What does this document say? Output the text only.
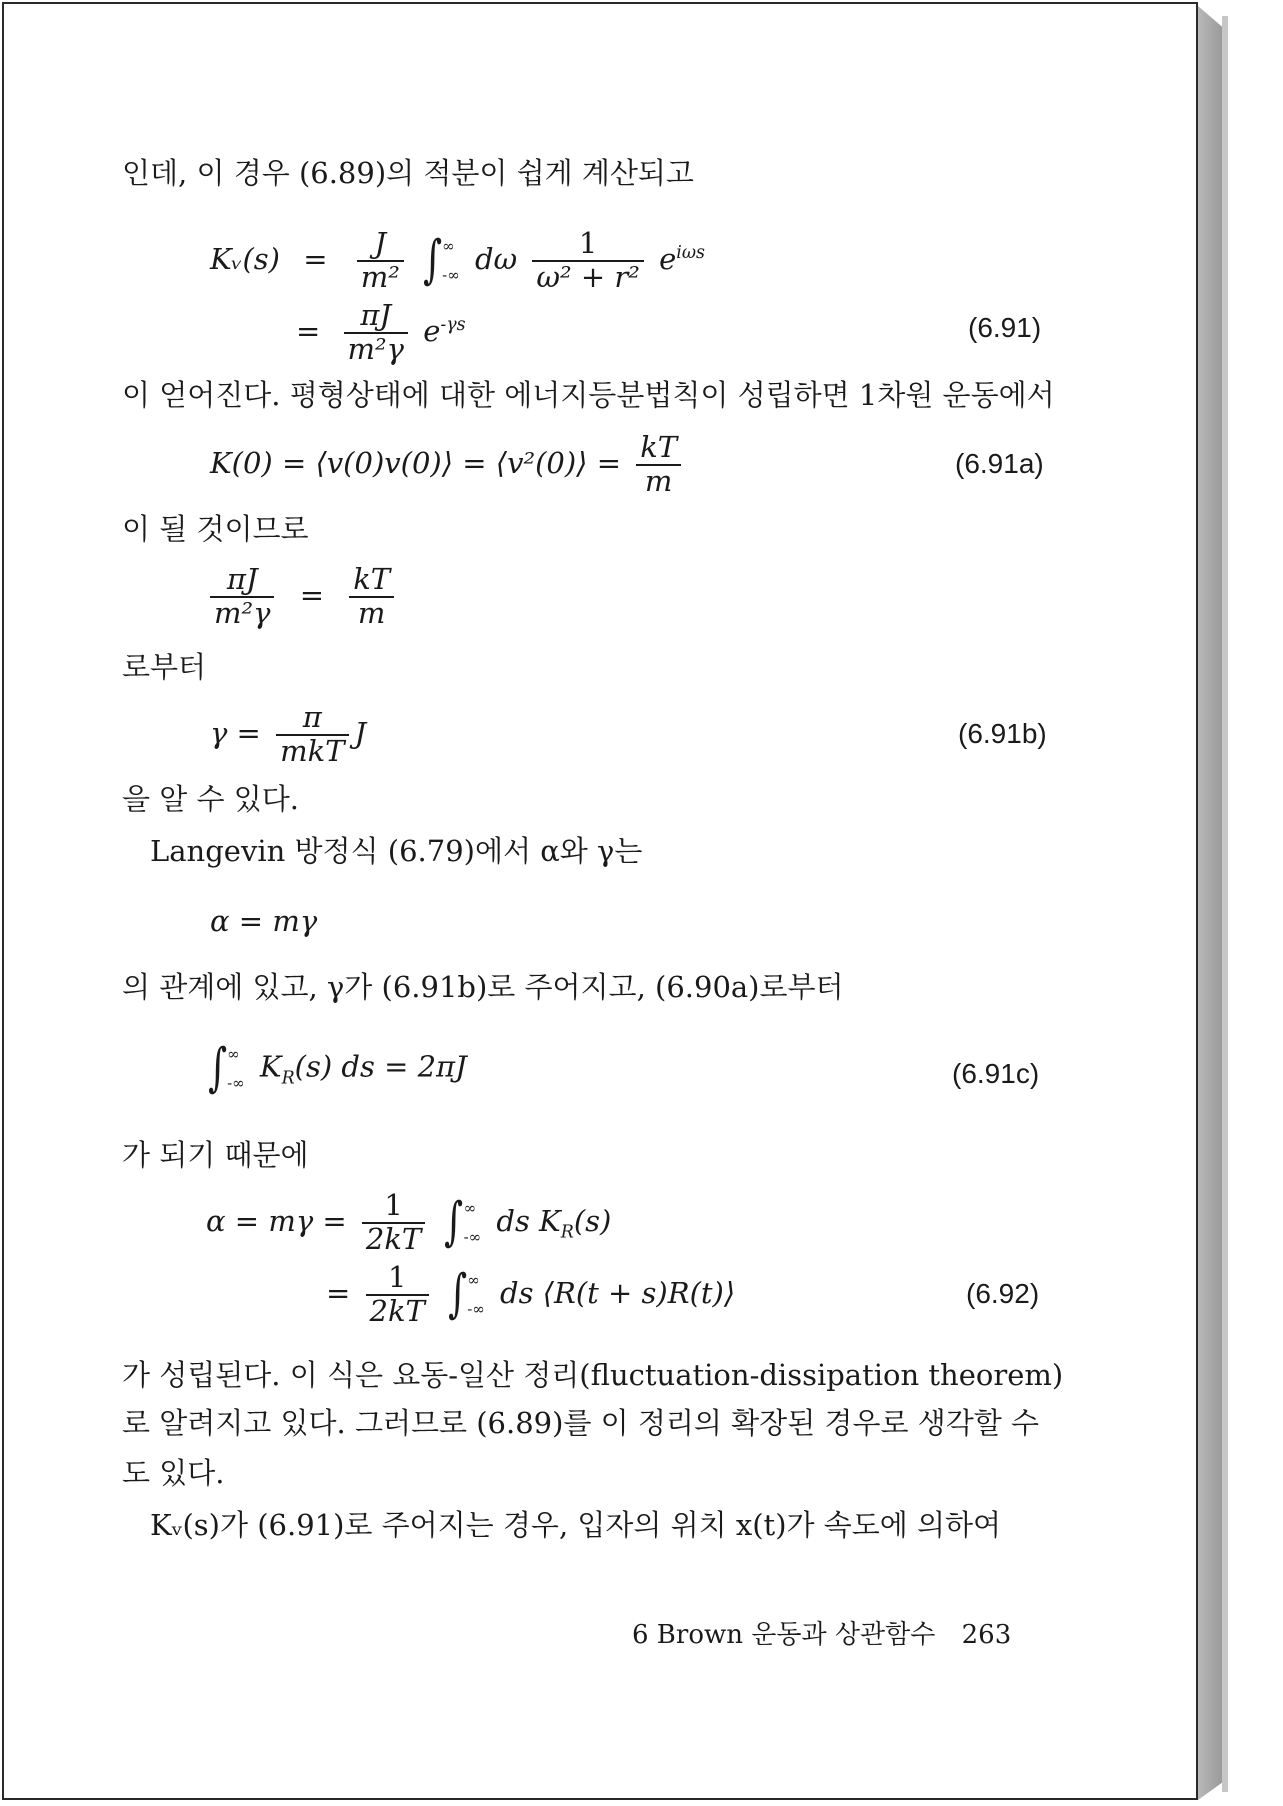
인데, 이 경우 (6.89)의 적분이 쉽게 계산되고
Kᵥ(s) = $\frac{J}{\text{m²}}$ ∫ ∞
-∞ dω $\frac{1}{\text{ω² + r²}} e^{i\omega s}$
= $\frac{\pi J}{\text{m²γ}} e^{-\gamma s}$	(6.91)
이 얻어진다. 평형상태에 대한 에너지등분법칙이 성립하면 1차원 운동에서
K(0) = ⟨v(0)v(0)⟩ = ⟨v²(0)⟩ = $\frac{kT}{m}$	(6.91a)
이 될 것이므로
$\frac{\pi J}{\text{m²γ}} = \frac{kT}{m}$
로부터
$\gamma = \frac{\pi}{\text{mkT}}$ J	(6.91b)
을 알 수 있다.
Langevin 방정식 (6.79)에서 α와 γ는
α = mγ
의 관계에 있고, γ가 (6.91b)로 주어지고, (6.90a)로부터
∫ ∞
-∞ $K_R(s)$ ds = 2πJ	(6.91c)
가 되기 때문에
$\alpha = m\gamma = \frac{1}{2kT}$ ∫ ∞
-∞ ds $K_R(s)$
= $\frac{1}{2kT}$ ∫ ∞
-∞ ds ⟨R(t + s)R(t)⟩	(6.92)
가 성립된다. 이 식은 요동-일산 정리(fluctuation-dissipation theorem)
로 알려지고 있다. 그러므로 (6.89)를 이 정리의 확장된 경우로 생각할 수
도 있다.
Kᵥ(s)가 (6.91)로 주어지는 경우, 입자의 위치 x(t)가 속도에 의하여
6 Brown 운동과 상관함수 263
